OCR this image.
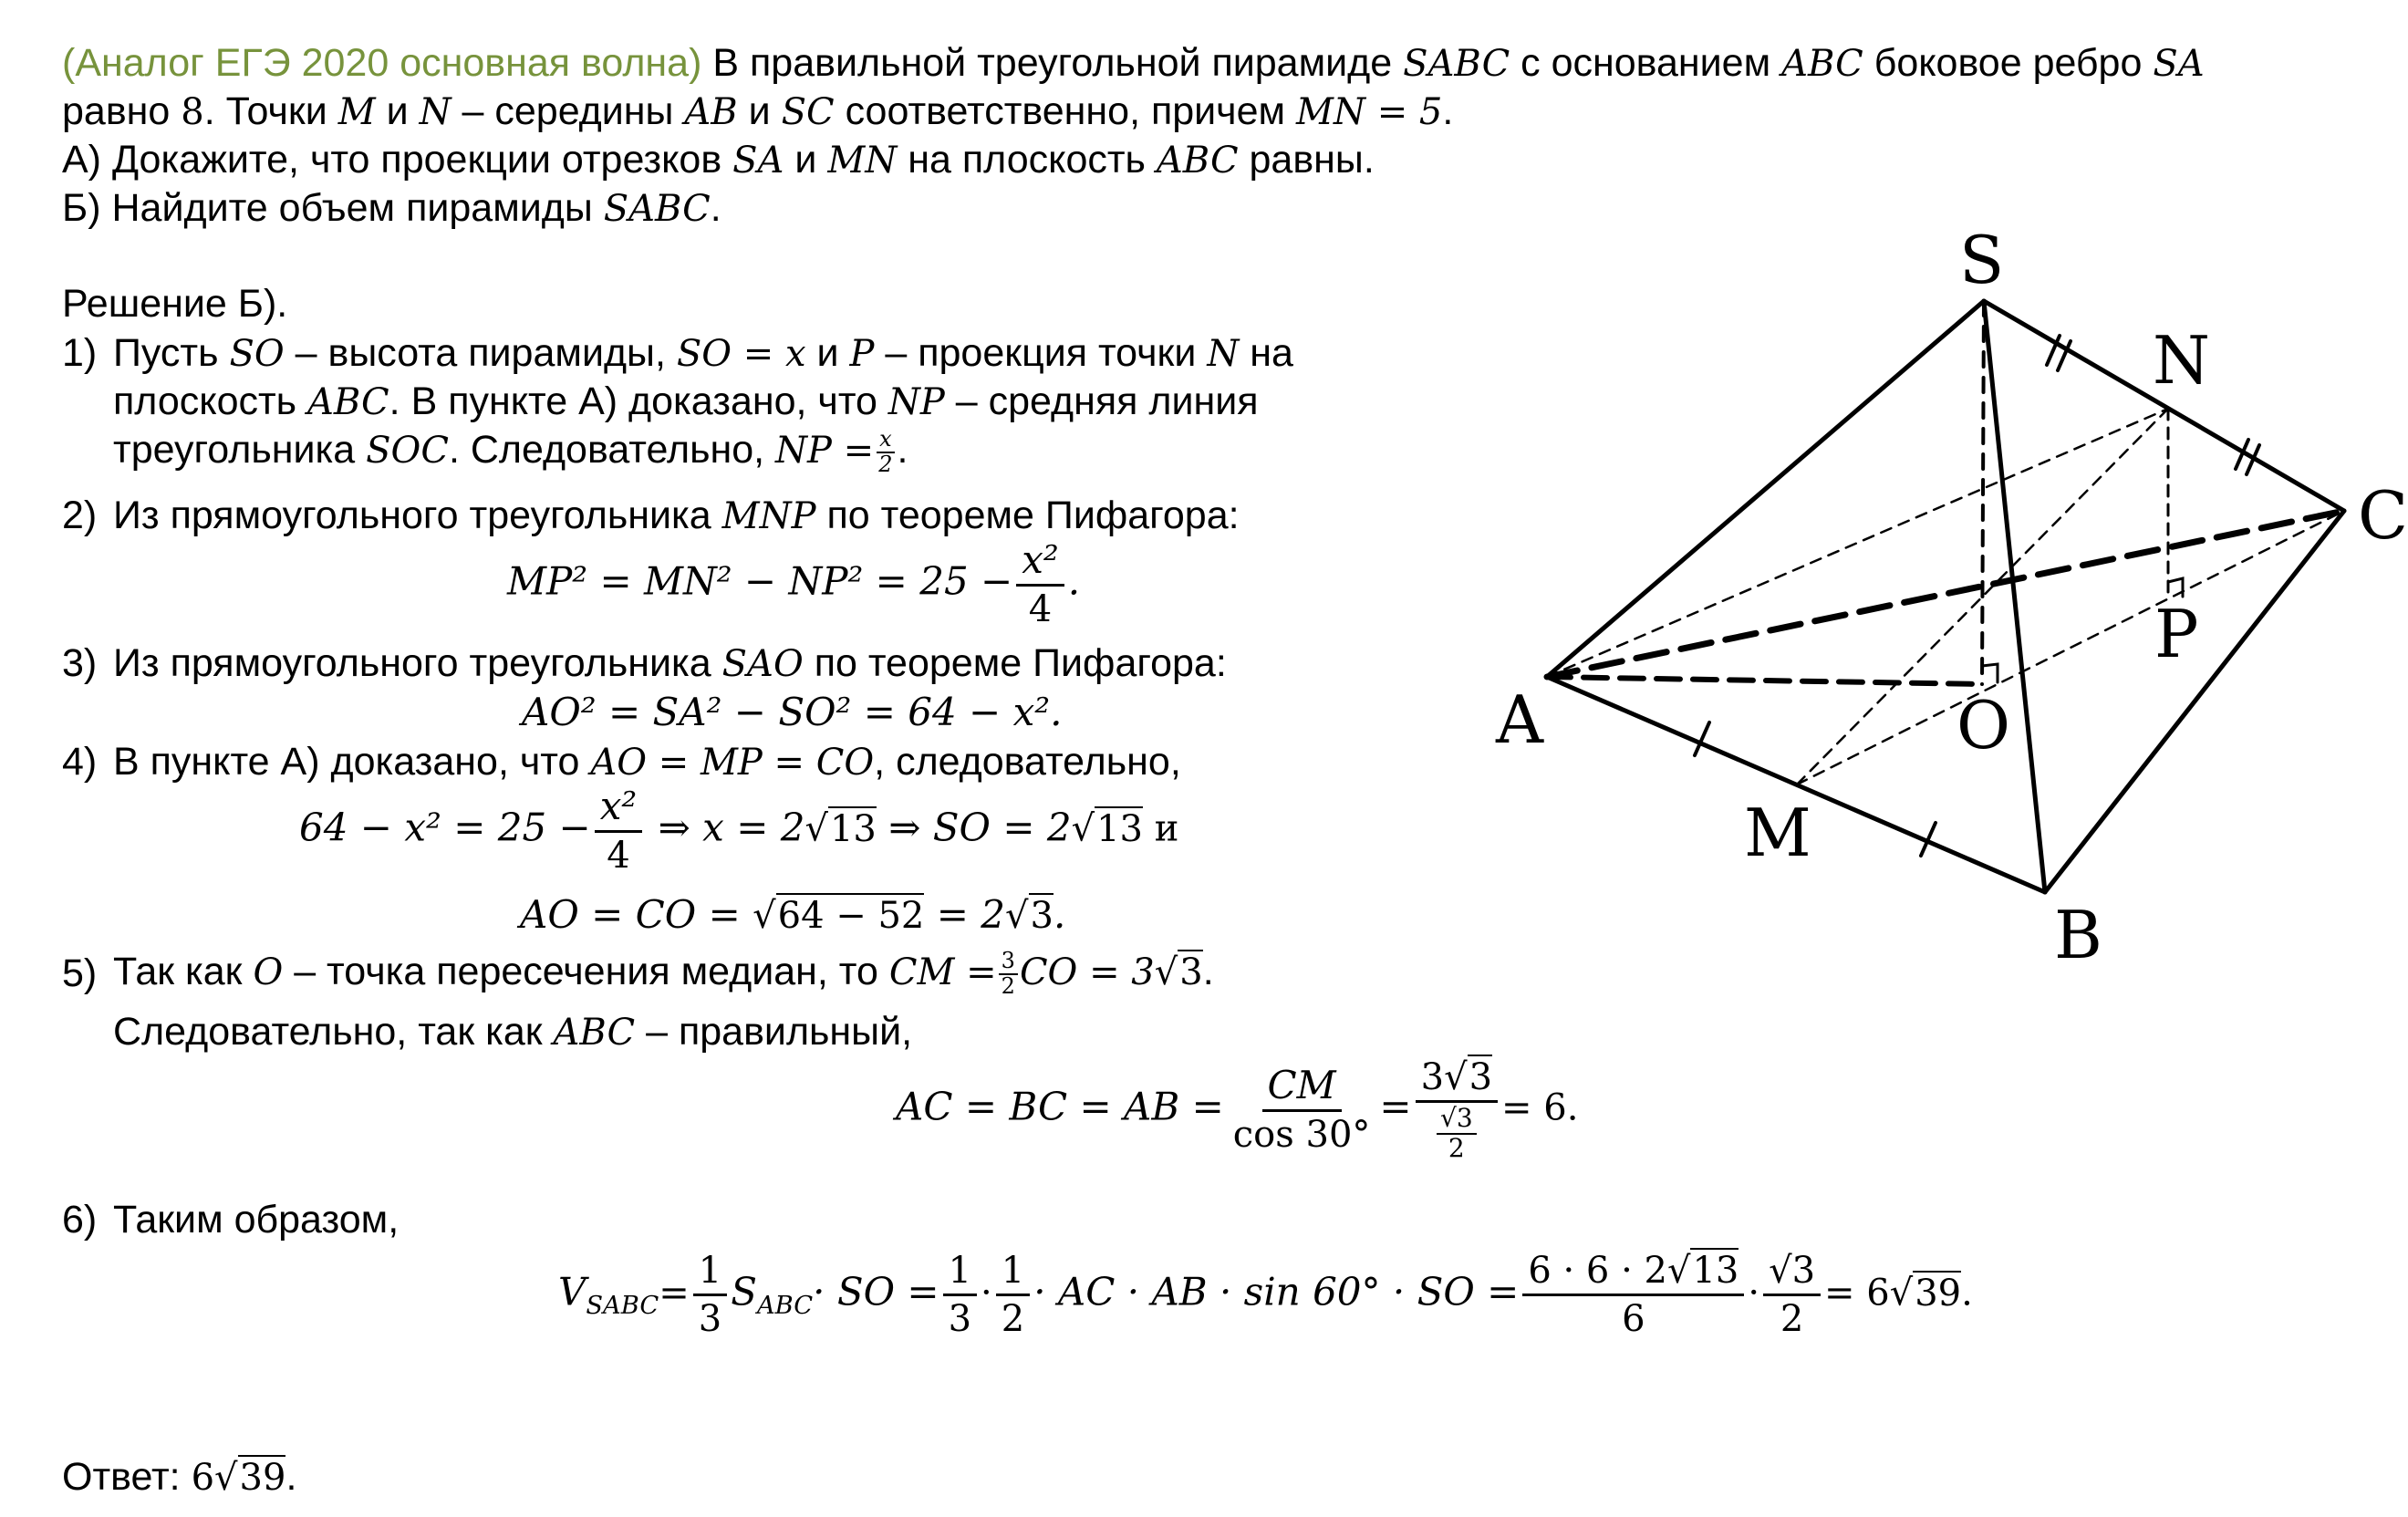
(Аналог ЕГЭ 2020 основная волна) В правильной треугольной пирамиде SABC с основанием ABC боковое ребро SA
равно 8. Точки M и N – середины AB и SC соответственно, причем MN = 5.
А) Докажите, что проекции отрезков SA и MN на плоскость ABC равны.
Б) Найдите объем пирамиды SABC.
Решение Б).
1) Пусть SO – высота пирамиды, SO = x и P – проекция точки N на
плоскость ABC. В пункте А) доказано, что NP – средняя линия
треугольника SOC. Следовательно, NP = $\frac{x}{2}$ .
2) Из прямоугольного треугольника MNP по теореме Пифагора:
$MP^2 = MN^2 - NP^2 = 25 - \frac{\text{x²}}{4}$ .
3) Из прямоугольного треугольника SAO по теореме Пифагора:
AO² = SA² − SO² = 64 − x².
4) В пункте А) доказано, что AO = MP = CO, следовательно,
$64 - x^2 = 25 - \frac{\text{x²}}{4}$ ⇒ x = 2√13 ⇒ SO = 2√13 и
AO = CO = √64 − 52 = 2√3.
5) Так как O – точка пересечения медиан, то CM = $\frac{3}{2}$ CO = 3√3.
Следовательно, так как ABC – правильный,
AC = BC = AB = $\frac{CM}{\cos 30^\circ} = \frac{3√3}{\frac{√3}{2}} = 6$.
6) Таким образом,
$V_{SABC}= \frac{1}{3} S_{ABC}\cdot$ SO = $\frac{1}{3} \cdot \frac{1}{2}$ · AC · AB · sin 60° · SO = $\frac{6 \cdot 6 \cdot 2√13}{6} \cdot \frac{√3}{2} = 6√39$.
Ответ: 6√39.
S
N
C
A
P
O
M
B
